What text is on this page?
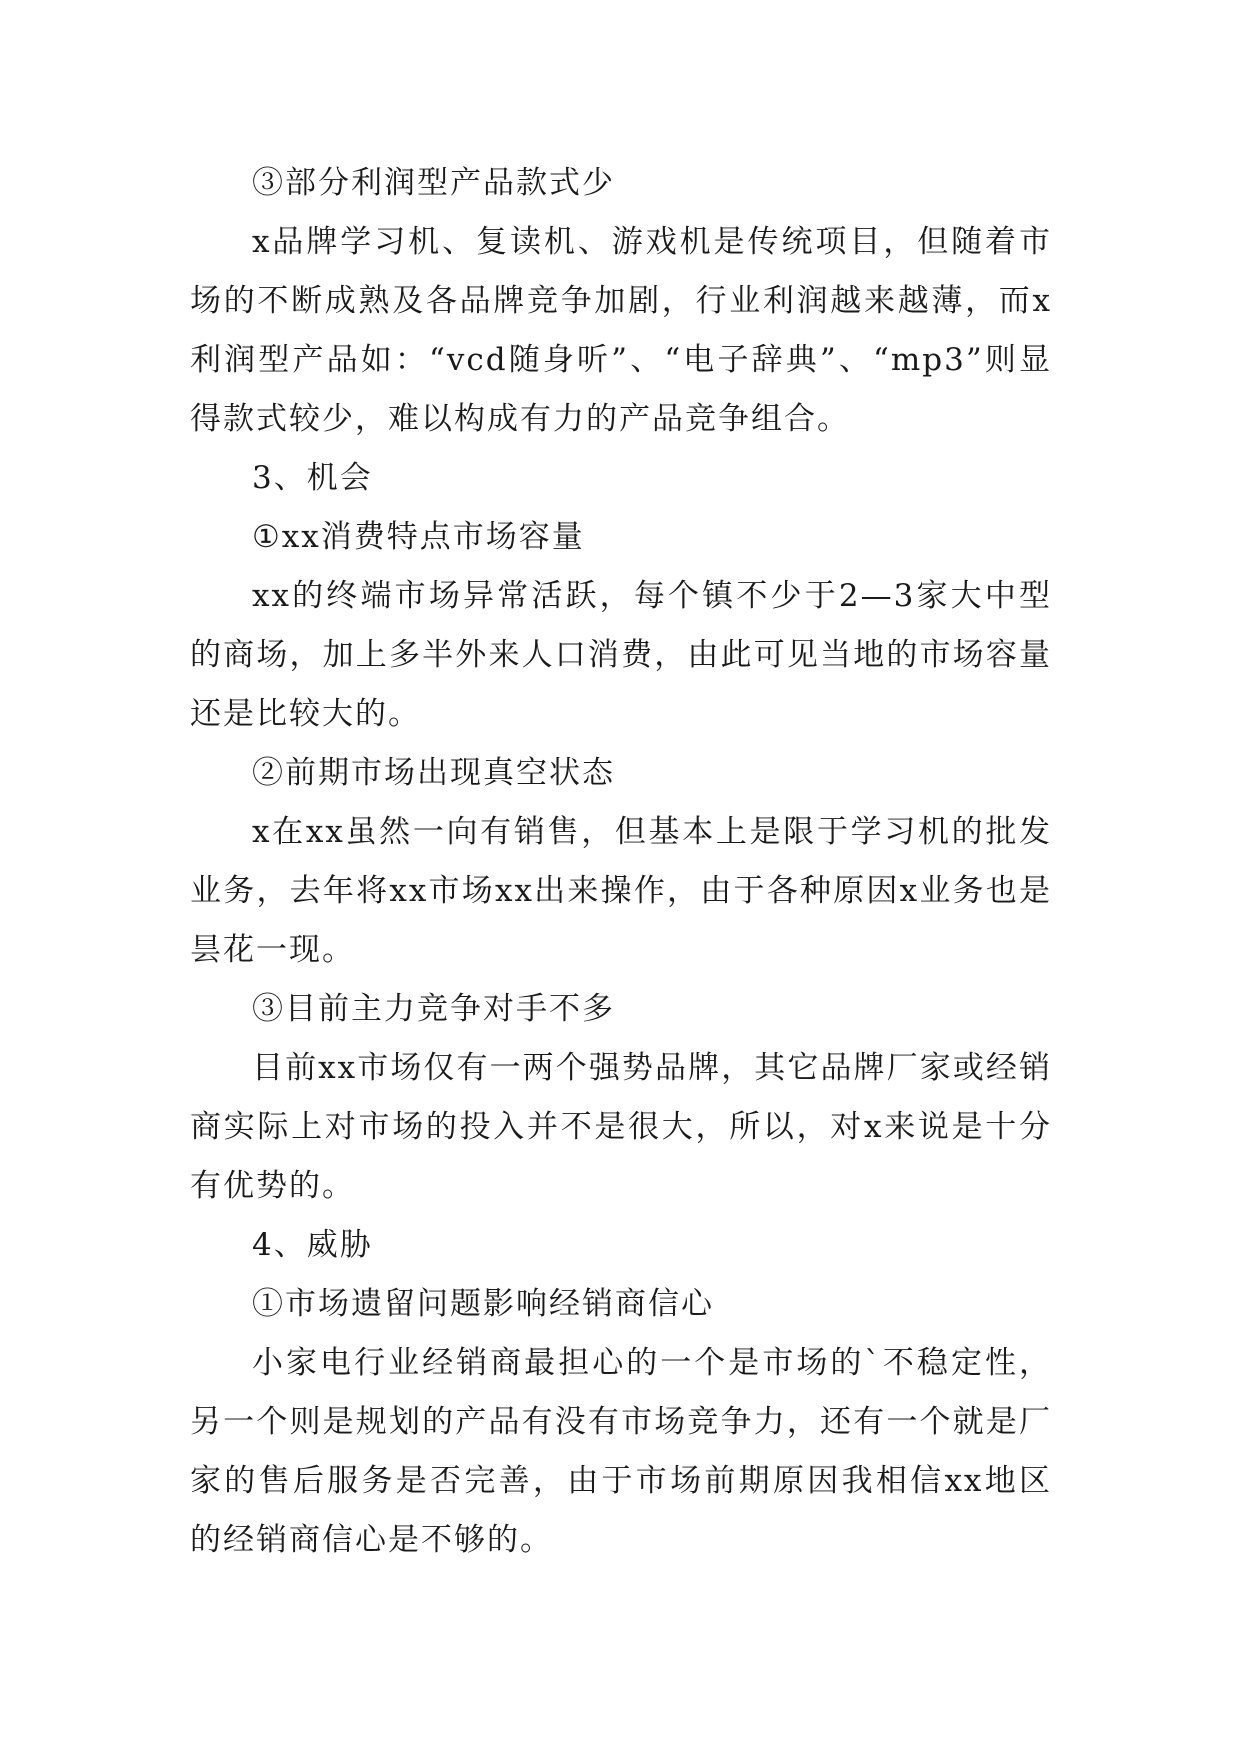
③部分利润型产品款式少

x品牌学习机、复读机、游戏机是传统项目，但随着市场的不断成熟及各品牌竞争加剧，行业利润越来越薄，而x利润型产品如：“vcd随身听”、“电子辞典”、“mp3”则显得款式较少，难以构成有力的产品竞争组合。

3、机会

①xx消费特点市场容量

xx的终端市场异常活跃，每个镇不少于2—3家大中型的商场，加上多半外来人口消费，由此可见当地的市场容量还是比较大的。

②前期市场出现真空状态

x在xx虽然一向有销售，但基本上是限于学习机的批发业务，去年将xx市场xx出来操作，由于各种原因x业务也是昙花一现。

③目前主力竞争对手不多

目前xx市场仅有一两个强势品牌，其它品牌厂家或经销商实际上对市场的投入并不是很大，所以，对x来说是十分有优势的。

4、威胁

①市场遗留问题影响经销商信心

小家电行业经销商最担心的一个是市场的`不稳定性，另一个则是规划的产品有没有市场竞争力，还有一个就是厂家的售后服务是否完善，由于市场前期原因我相信xx地区的经销商信心是不够的。
